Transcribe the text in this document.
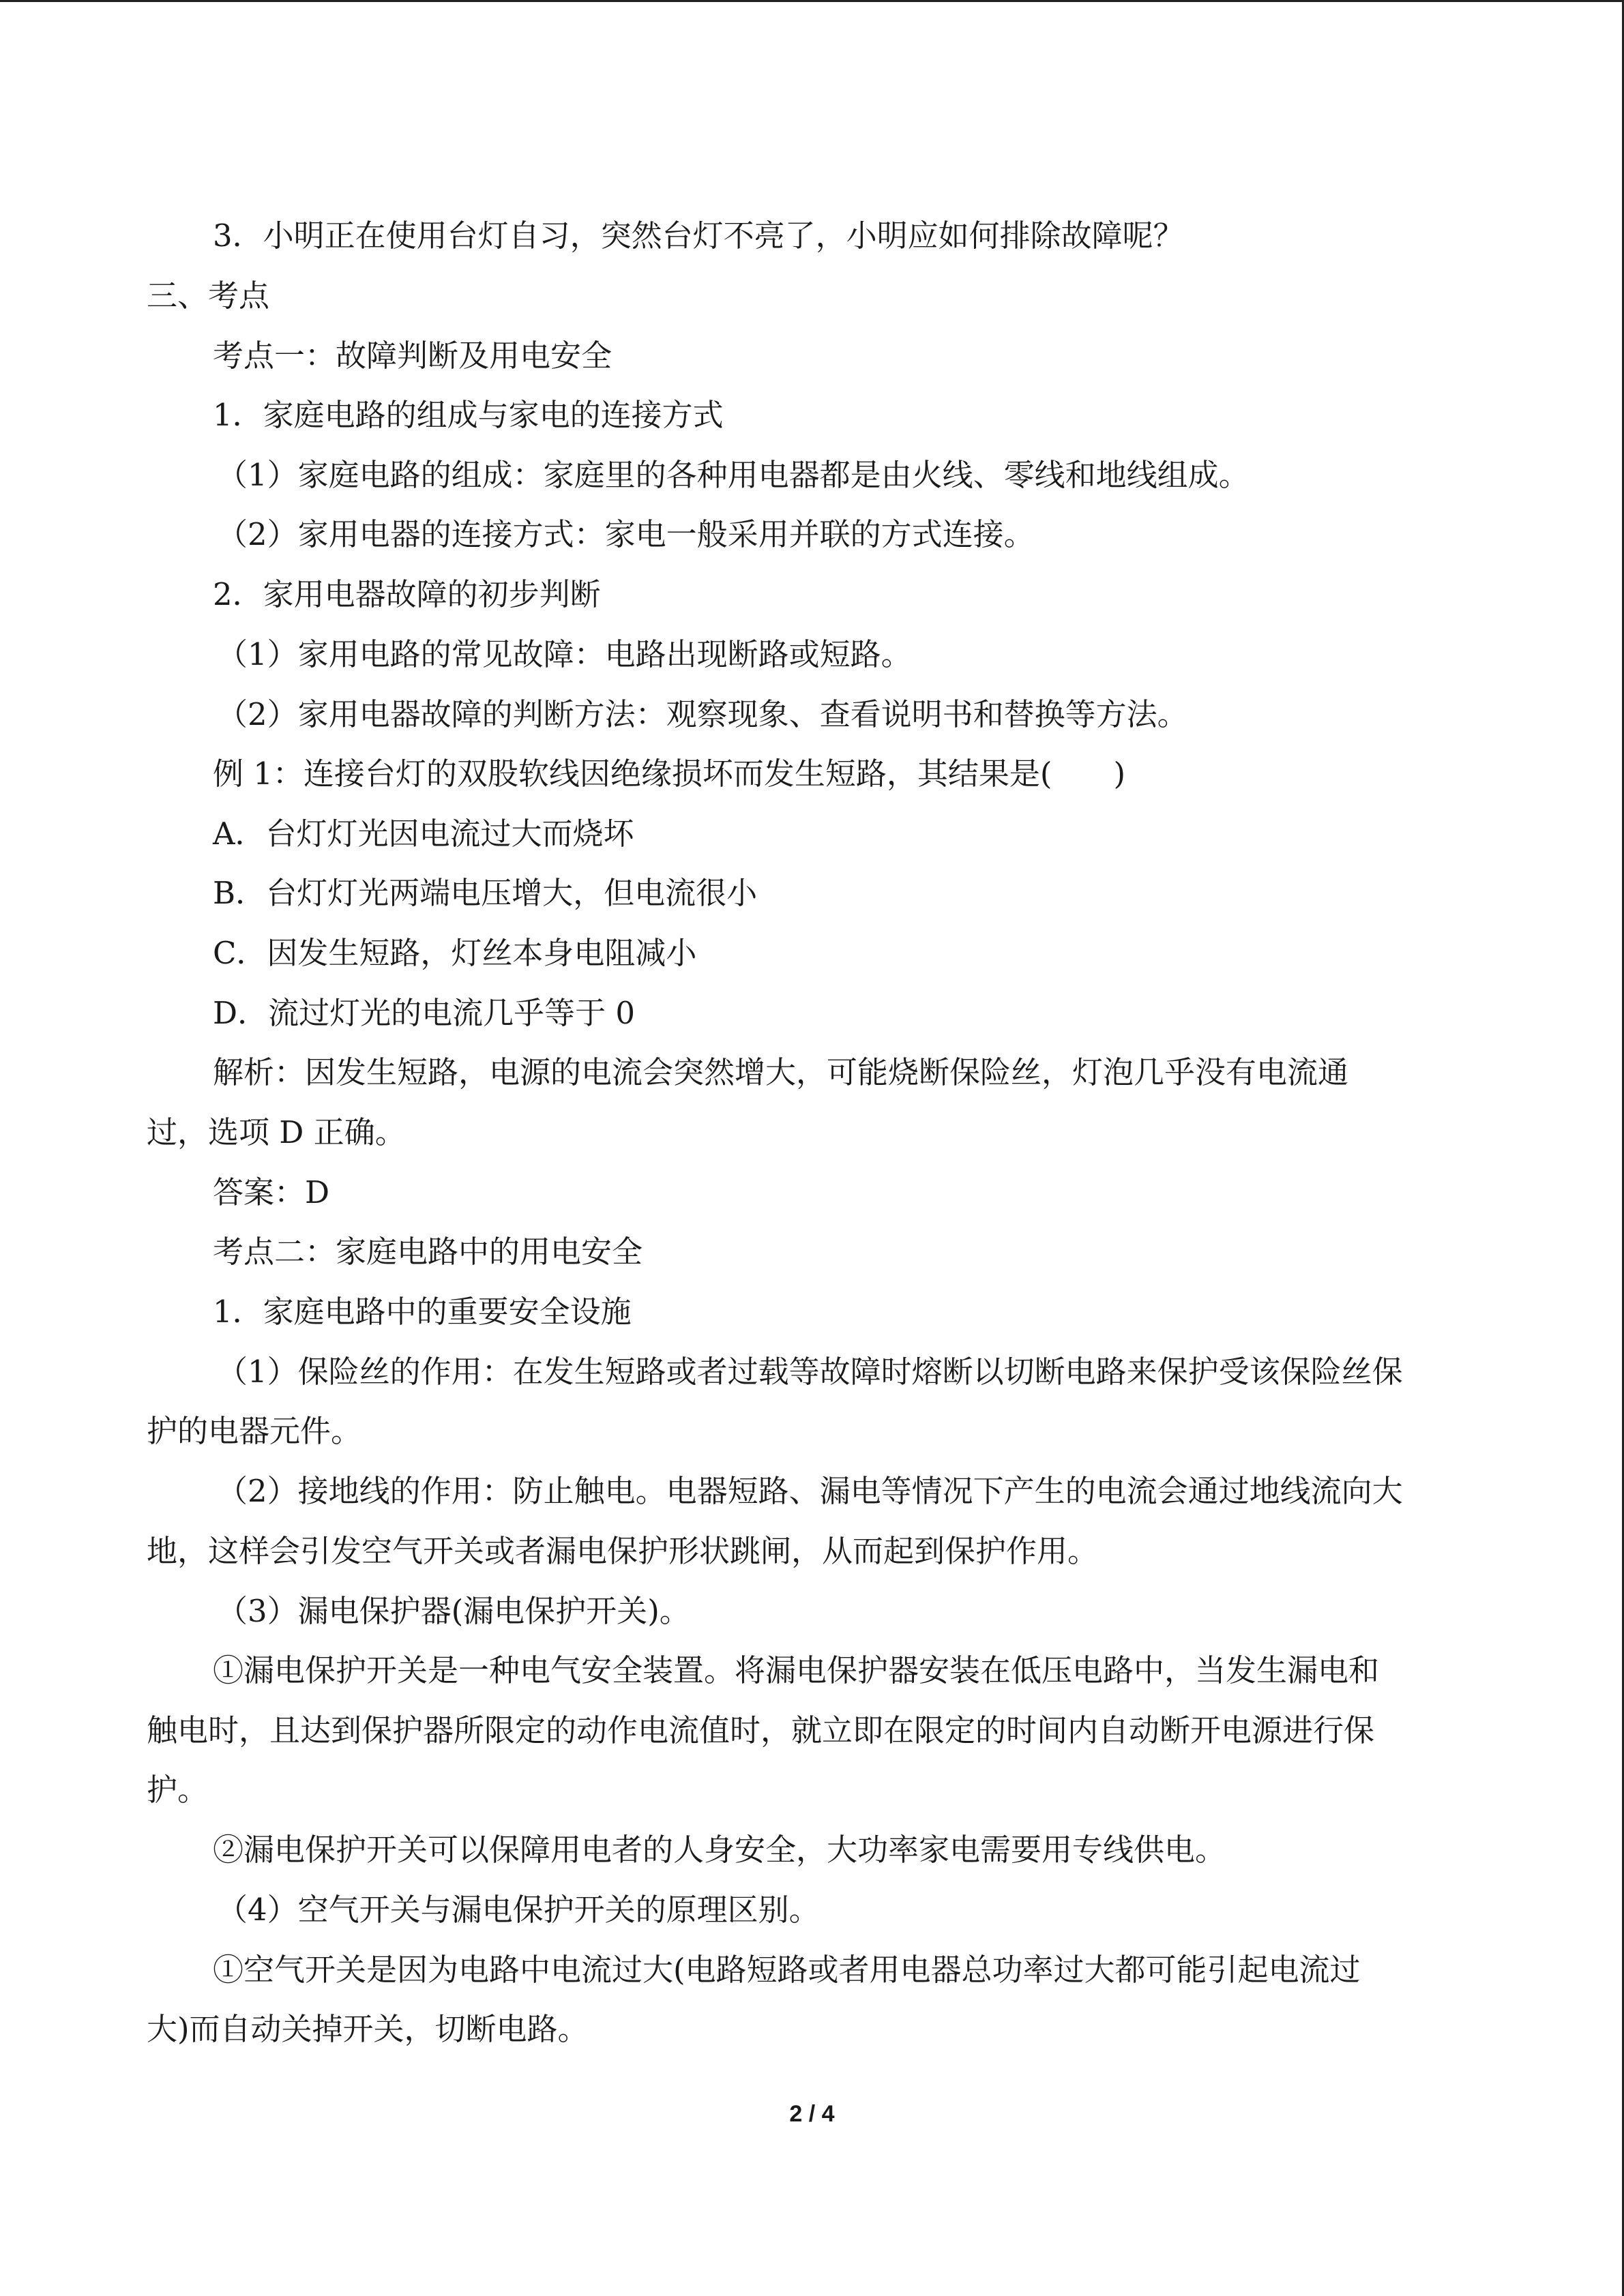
3．小明正在使用台灯自习，突然台灯不亮了，小明应如何排除故障呢？
三、考点
考点一：故障判断及用电安全
1．家庭电路的组成与家电的连接方式
（1）家庭电路的组成：家庭里的各种用电器都是由火线、零线和地线组成。
（2）家用电器的连接方式：家电一般采用并联的方式连接。
2．家用电器故障的初步判断
（1）家用电路的常见故障：电路出现断路或短路。
（2）家用电器故障的判断方法：观察现象、查看说明书和替换等方法。
例 1：连接台灯的双股软线因绝缘损坏而发生短路，其结果是(　　)
A．台灯灯光因电流过大而烧坏
B．台灯灯光两端电压增大，但电流很小
C．因发生短路，灯丝本身电阻减小
D．流过灯光的电流几乎等于 0
解析：因发生短路，电源的电流会突然增大，可能烧断保险丝，灯泡几乎没有电流通
过，选项 D 正确。
答案：D
考点二：家庭电路中的用电安全
1．家庭电路中的重要安全设施
（1）保险丝的作用：在发生短路或者过载等故障时熔断以切断电路来保护受该保险丝保
护的电器元件。
（2）接地线的作用：防止触电。电器短路、漏电等情况下产生的电流会通过地线流向大
地，这样会引发空气开关或者漏电保护形状跳闸，从而起到保护作用。
（3）漏电保护器(漏电保护开关)。
①漏电保护开关是一种电气安全装置。将漏电保护器安装在低压电路中，当发生漏电和
触电时，且达到保护器所限定的动作电流值时，就立即在限定的时间内自动断开电源进行保
护。
②漏电保护开关可以保障用电者的人身安全，大功率家电需要用专线供电。
（4）空气开关与漏电保护开关的原理区别。
①空气开关是因为电路中电流过大(电路短路或者用电器总功率过大都可能引起电流过
大)而自动关掉开关，切断电路。
2 / 4
